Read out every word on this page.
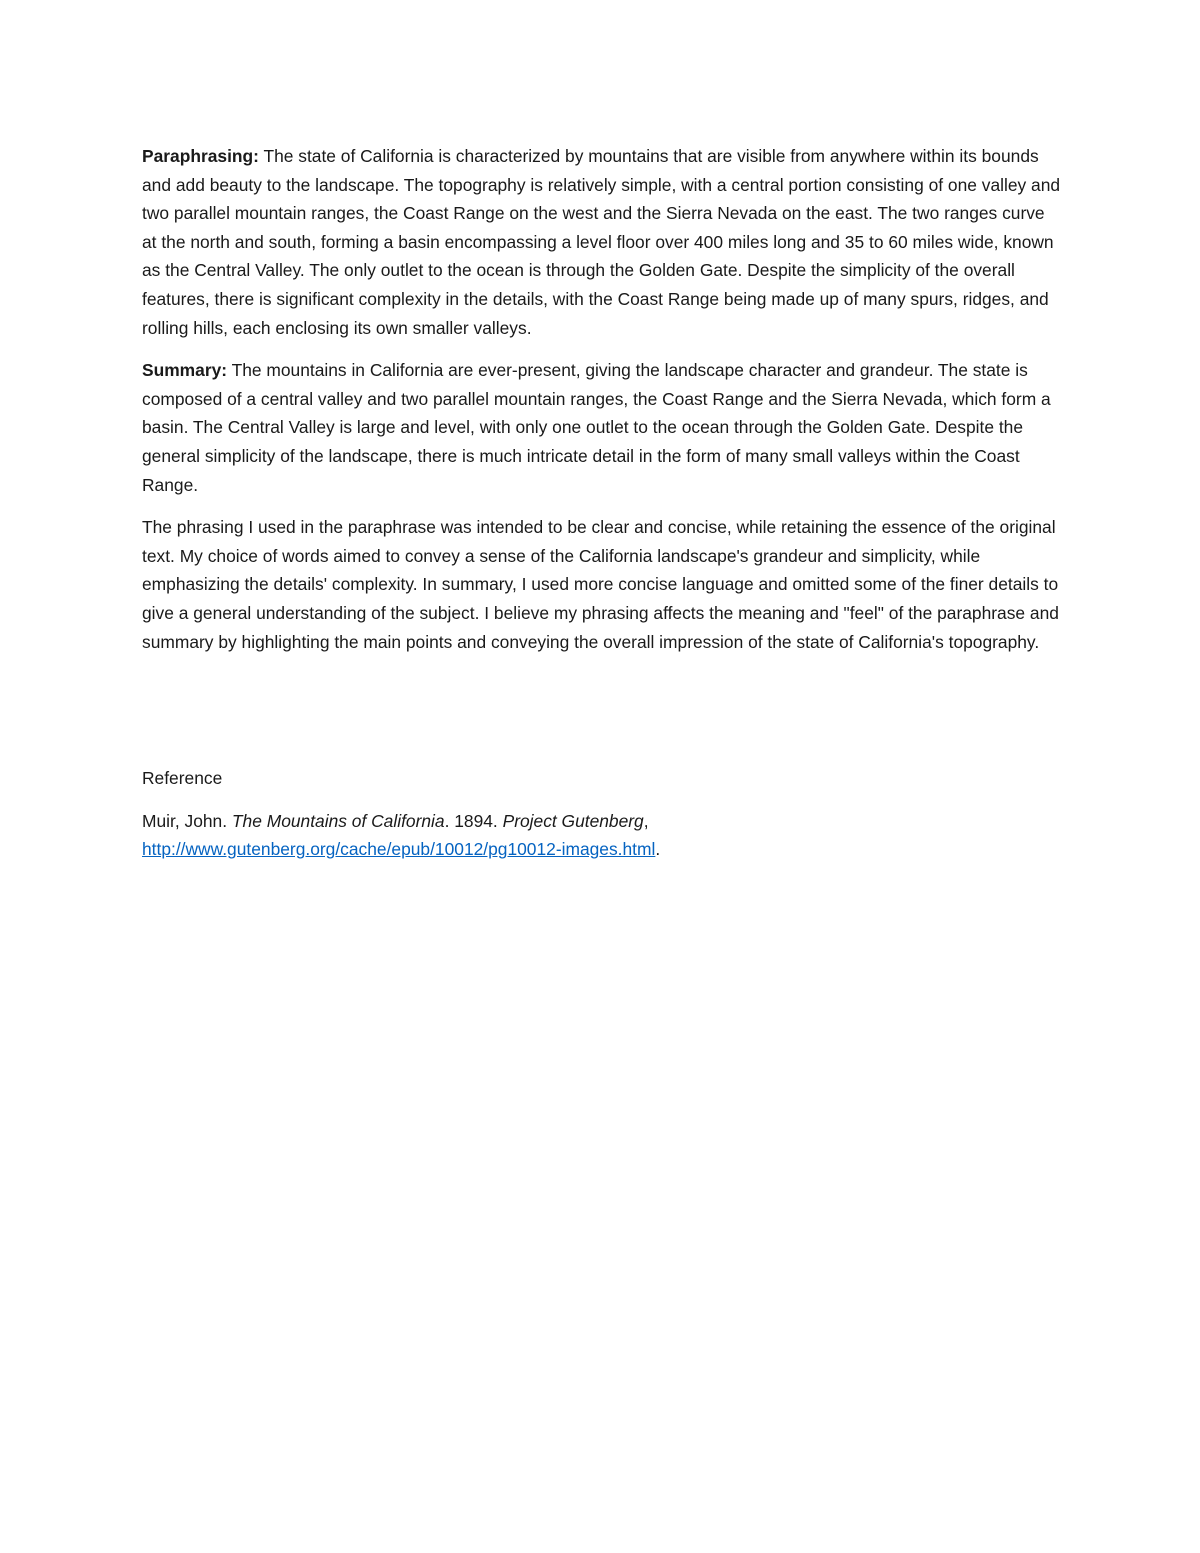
Paraphrasing: The state of California is characterized by mountains that are visible from anywhere within its bounds and add beauty to the landscape. The topography is relatively simple, with a central portion consisting of one valley and two parallel mountain ranges, the Coast Range on the west and the Sierra Nevada on the east. The two ranges curve at the north and south, forming a basin encompassing a level floor over 400 miles long and 35 to 60 miles wide, known as the Central Valley. The only outlet to the ocean is through the Golden Gate. Despite the simplicity of the overall features, there is significant complexity in the details, with the Coast Range being made up of many spurs, ridges, and rolling hills, each enclosing its own smaller valleys.

Summary: The mountains in California are ever-present, giving the landscape character and grandeur. The state is composed of a central valley and two parallel mountain ranges, the Coast Range and the Sierra Nevada, which form a basin. The Central Valley is large and level, with only one outlet to the ocean through the Golden Gate. Despite the general simplicity of the landscape, there is much intricate detail in the form of many small valleys within the Coast Range.

The phrasing I used in the paraphrase was intended to be clear and concise, while retaining the essence of the original text. My choice of words aimed to convey a sense of the California landscape's grandeur and simplicity, while emphasizing the details' complexity. In summary, I used more concise language and omitted some of the finer details to give a general understanding of the subject. I believe my phrasing affects the meaning and "feel" of the paraphrase and summary by highlighting the main points and conveying the overall impression of the state of California's topography.

Reference

Muir, John. The Mountains of California. 1894. Project Gutenberg, http://www.gutenberg.org/cache/epub/10012/pg10012-images.html.
